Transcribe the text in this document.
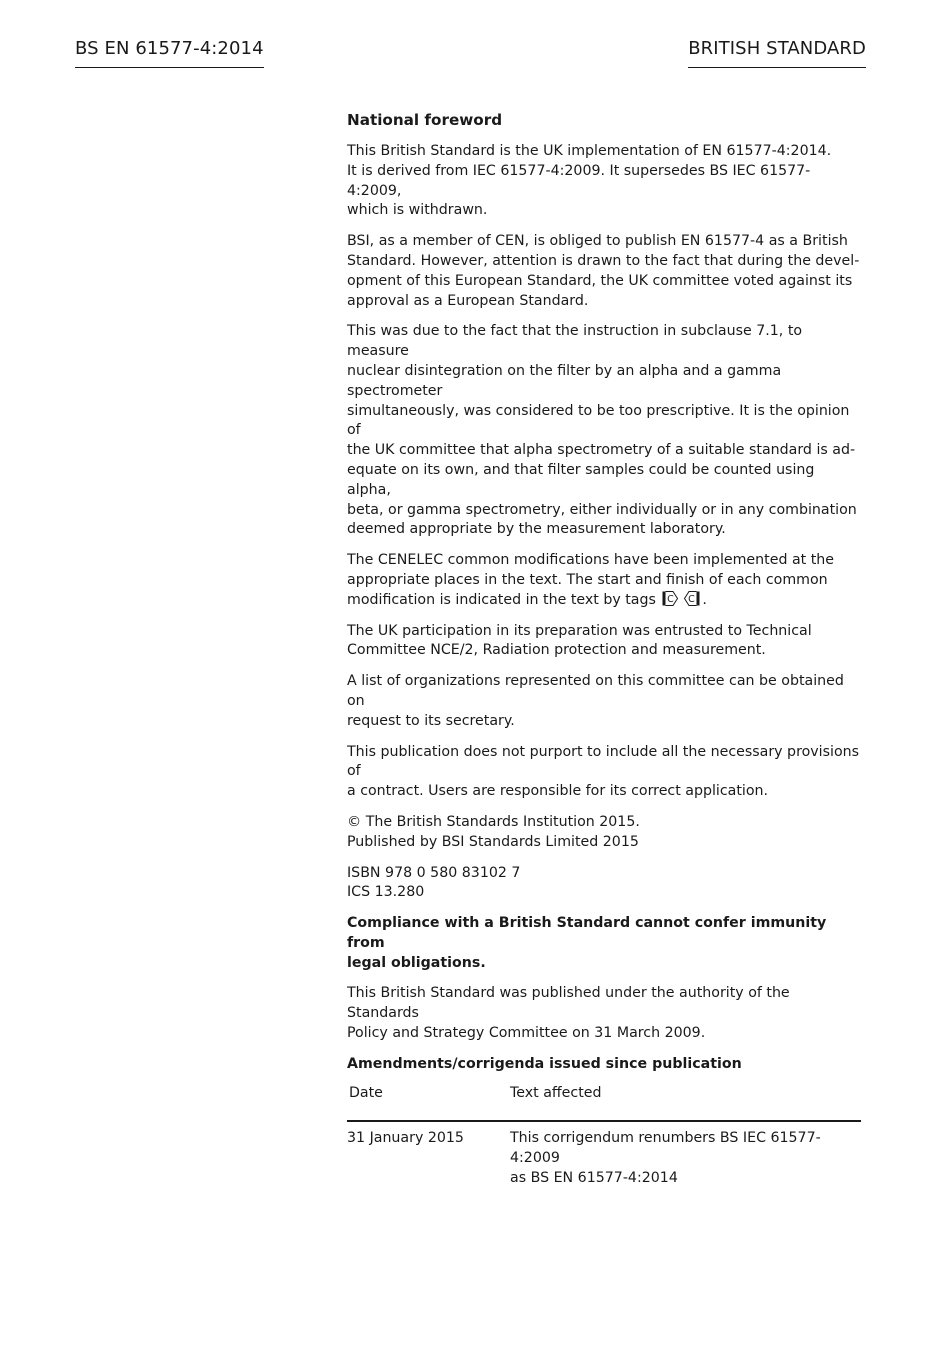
BS EN 61577-4:2014	BRITISH STANDARD
National foreword

This British Standard is the UK implementation of EN 61577-4:2014.
It is derived from IEC 61577-4:2009. It supersedes BS IEC 61577-4:2009,
which is withdrawn.

BSI, as a member of CEN, is obliged to publish EN 61577-4 as a British
Standard. However, attention is drawn to the fact that during the devel-
opment of this European Standard, the UK committee voted against its
approval as a European Standard.

This was due to the fact that the instruction in subclause 7.1, to measure
nuclear disintegration on the filter by an alpha and a gamma spectrometer
simultaneously, was considered to be too prescriptive. It is the opinion of
the UK committee that alpha spectrometry of a suitable standard is ad-
equate on its own, and that filter samples could be counted using alpha,
beta, or gamma spectrometry, either individually or in any combination
deemed appropriate by the measurement laboratory.

The CENELEC common modifications have been implemented at the
appropriate places in the text. The start and finish of each common
modification is indicated in the text by tags C C .

The UK participation in its preparation was entrusted to Technical
Committee NCE/2, Radiation protection and measurement.

A list of organizations represented on this committee can be obtained on
request to its secretary.

This publication does not purport to include all the necessary provisions of
a contract. Users are responsible for its correct application.

© The British Standards Institution 2015.
Published by BSI Standards Limited 2015

ISBN 978 0 580 83102 7
ICS 13.280

Compliance with a British Standard cannot confer immunity from
legal obligations.

This British Standard was published under the authority of the Standards
Policy and Strategy Committee on 31 March 2009.

Amendments/corrigenda issued since publication
Date	Text affected
31 January 2015	This corrigendum renumbers BS IEC 61577-4:2009
as BS EN 61577-4:2014
